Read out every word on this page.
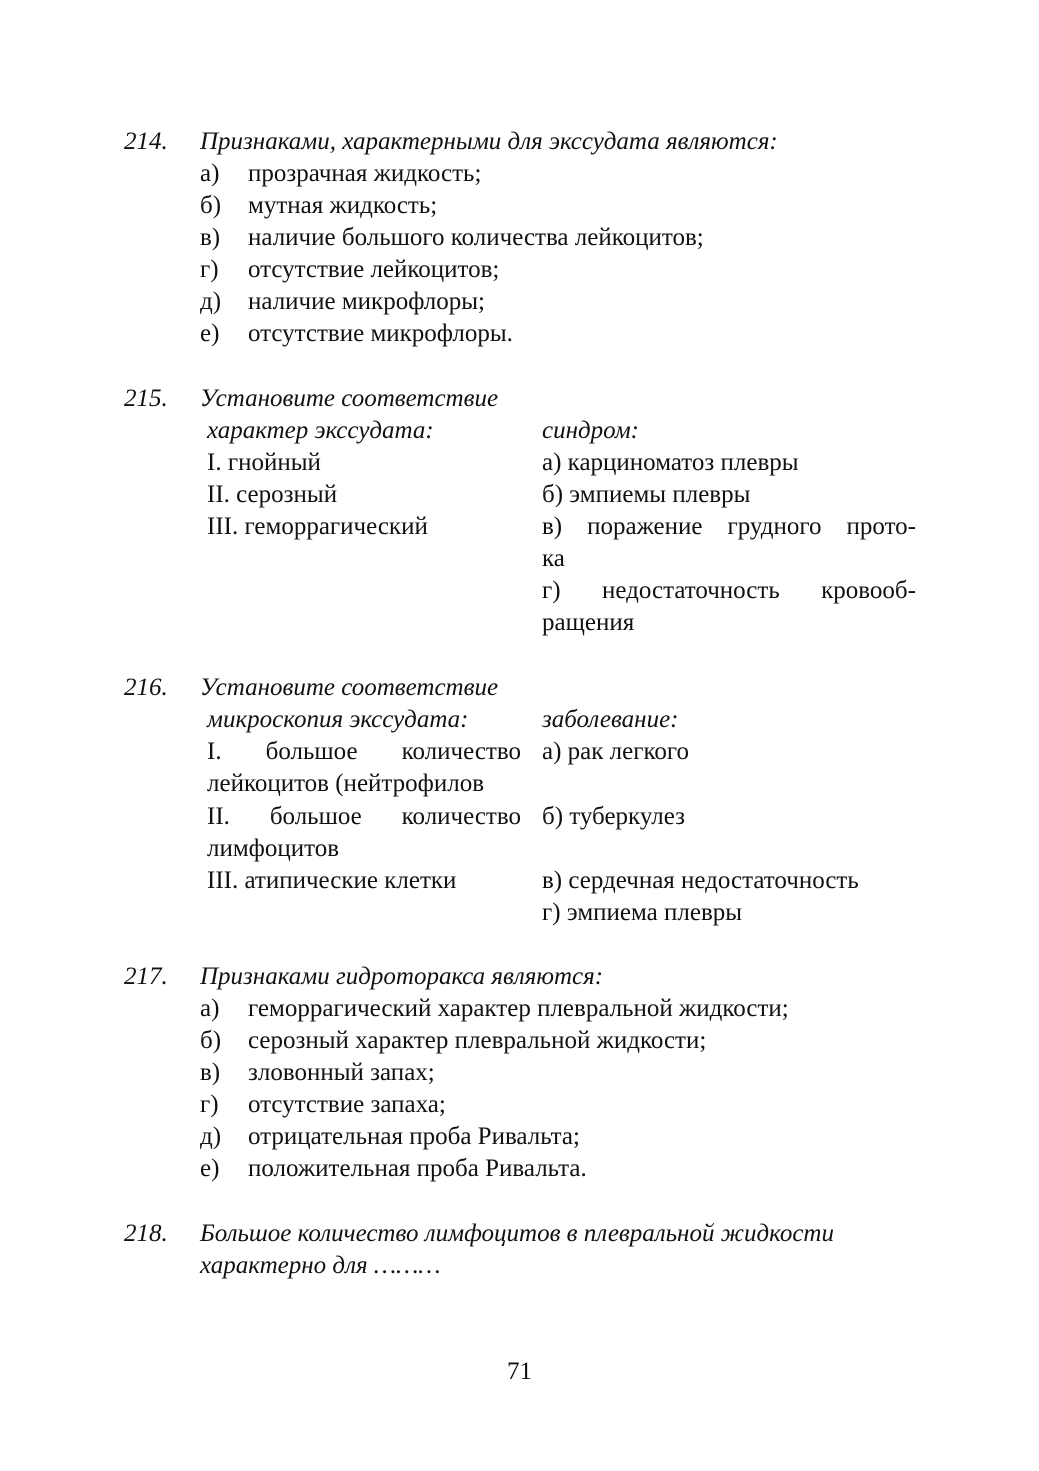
214. Признаками, характерными для экссудата являются:
а) прозрачная жидкость;
б) мутная жидкость;
в) наличие большого количества лейкоцитов;
г) отсутствие лейкоцитов;
д) наличие микрофлоры;
е) отсутствие микрофлоры.
215. Установите соответствие
характер экссудата:	синдром:
I. гнойный
II. серозный
III. геморрагический
а) карциноматоз плевры
б) эмпиемы плевры
в) поражение грудного прото-
ка
г) недостаточность кровооб-
ращения
216. Установите соответствие
микроскопия экссудата:	заболевание:
I. большое количество
лейкоцитов (нейтрофилов
II. большое количество
лимфоцитов
III. атипические клетки
а) рак легкого
б) туберкулез
в) сердечная недостаточность
г) эмпиема плевры
217. Признаками гидроторакса являются:
а) геморрагический характер плевральной жидкости;
б) серозный характер плевральной жидкости;
в) зловонный запах;
г) отсутствие запаха;
д) отрицательная проба Ривальта;
е) положительная проба Ривальта.
218. Большое количество лимфоцитов в плевральной жидкости
характерно для ………
71
